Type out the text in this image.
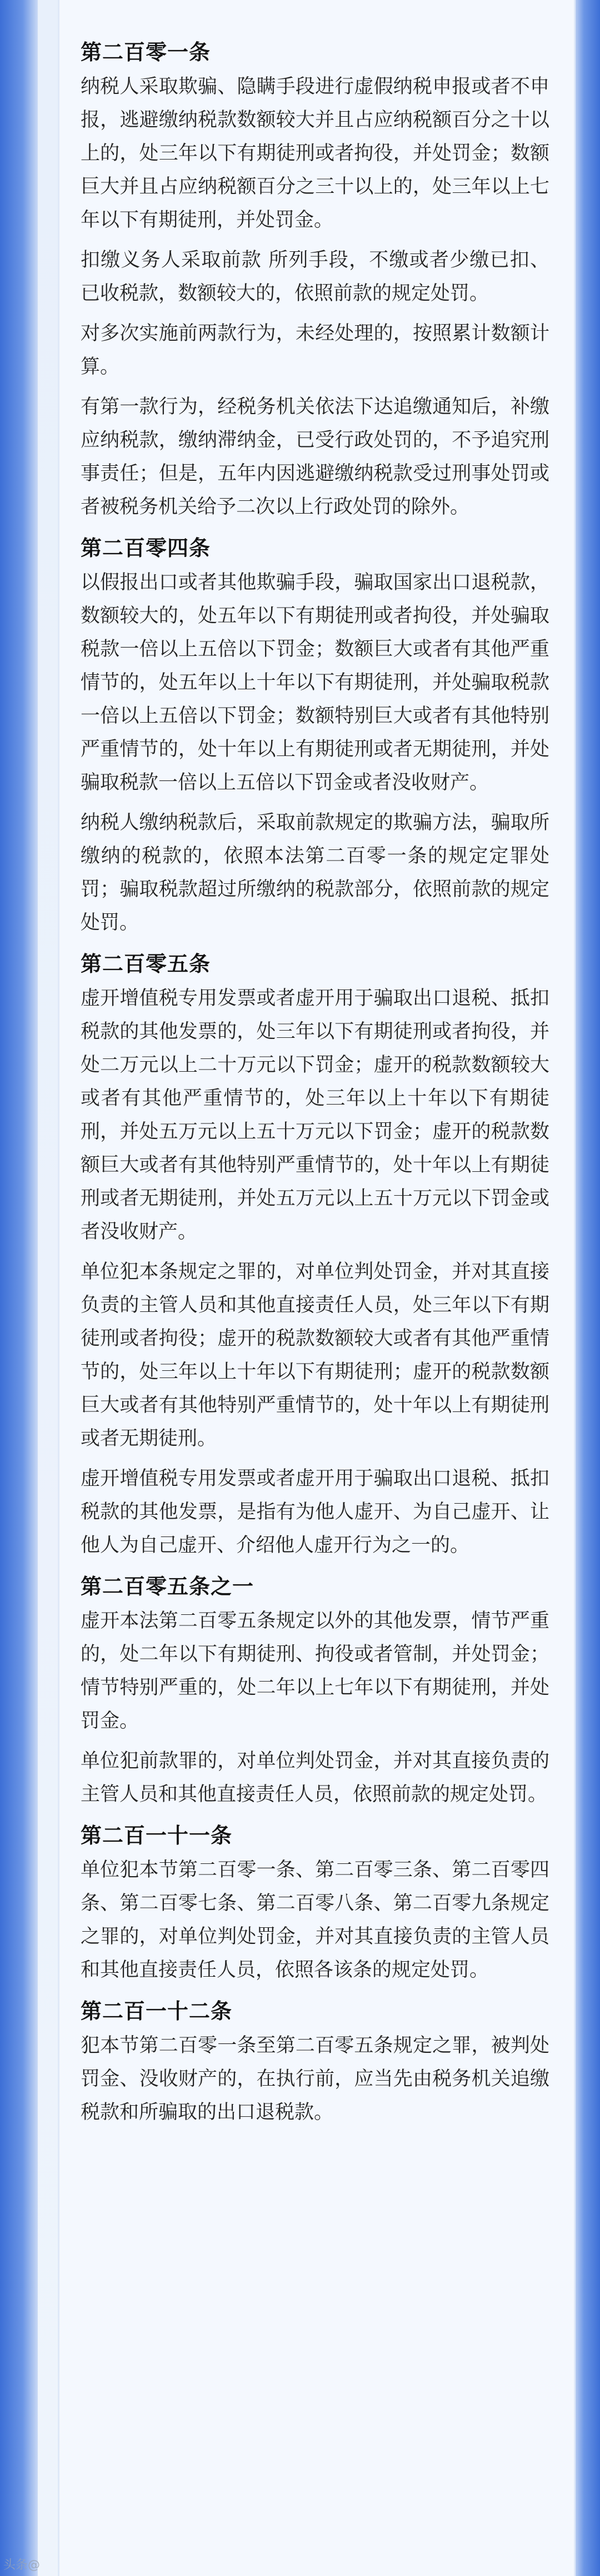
第二百零一条

纳税人采取欺骗、隐瞒手段进行虚假纳税申报或者不申报，逃避缴纳税款数额较大并且占应纳税额百分之十以上的，处三年以下有期徒刑或者拘役，并处罚金；数额巨大并且占应纳税额百分之三十以上的，处三年以上七年以下有期徒刑，并处罚金。

扣缴义务人采取前款 所列手段，不缴或者少缴已扣、已收税款，数额较大的，依照前款的规定处罚。

对多次实施前两款行为，未经处理的，按照累计数额计算。

有第一款行为，经税务机关依法下达追缴通知后，补缴应纳税款，缴纳滞纳金，已受行政处罚的，不予追究刑事责任；但是，五年内因逃避缴纳税款受过刑事处罚或者被税务机关给予二次以上行政处罚的除外。

第二百零四条

以假报出口或者其他欺骗手段，骗取国家出口退税款，数额较大的，处五年以下有期徒刑或者拘役，并处骗取税款一倍以上五倍以下罚金；数额巨大或者有其他严重情节的，处五年以上十年以下有期徒刑，并处骗取税款一倍以上五倍以下罚金；数额特别巨大或者有其他特别严重情节的，处十年以上有期徒刑或者无期徒刑，并处骗取税款一倍以上五倍以下罚金或者没收财产。

纳税人缴纳税款后，采取前款规定的欺骗方法，骗取所缴纳的税款的，依照本法第二百零一条的规定定罪处罚；骗取税款超过所缴纳的税款部分，依照前款的规定处罚。

第二百零五条

虚开增值税专用发票或者虚开用于骗取出口退税、抵扣税款的其他发票的，处三年以下有期徒刑或者拘役，并处二万元以上二十万元以下罚金；虚开的税款数额较大或者有其他严重情节的，处三年以上十年以下有期徒刑，并处五万元以上五十万元以下罚金；虚开的税款数额巨大或者有其他特别严重情节的，处十年以上有期徒刑或者无期徒刑，并处五万元以上五十万元以下罚金或者没收财产。

单位犯本条规定之罪的，对单位判处罚金，并对其直接负责的主管人员和其他直接责任人员，处三年以下有期徒刑或者拘役；虚开的税款数额较大或者有其他严重情节的，处三年以上十年以下有期徒刑；虚开的税款数额巨大或者有其他特别严重情节的，处十年以上有期徒刑或者无期徒刑。

虚开增值税专用发票或者虚开用于骗取出口退税、抵扣税款的其他发票，是指有为他人虚开、为自己虚开、让他人为自己虚开、介绍他人虚开行为之一的。

第二百零五条之一

虚开本法第二百零五条规定以外的其他发票，情节严重的，处二年以下有期徒刑、拘役或者管制，并处罚金；情节特别严重的，处二年以上七年以下有期徒刑，并处罚金。

单位犯前款罪的，对单位判处罚金，并对其直接负责的主管人员和其他直接责任人员，依照前款的规定处罚。

第二百一十一条

单位犯本节第二百零一条、第二百零三条、第二百零四条、第二百零七条、第二百零八条、第二百零九条规定之罪的，对单位判处罚金，并对其直接负责的主管人员和其他直接责任人员，依照各该条的规定处罚。

第二百一十二条

犯本节第二百零一条至第二百零五条规定之罪，被判处罚金、没收财产的，在执行前，应当先由税务机关追缴税款和所骗取的出口退税款。

头条@
